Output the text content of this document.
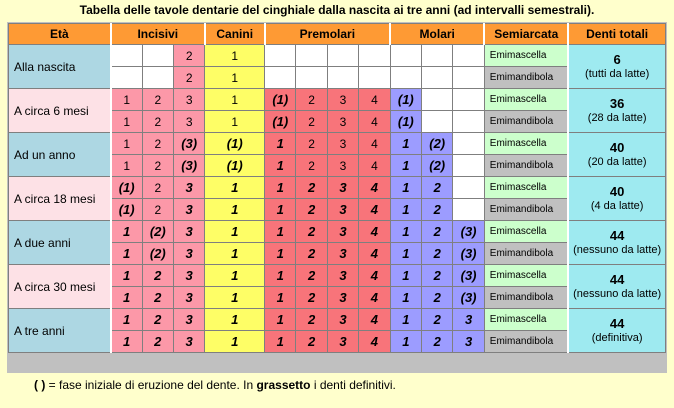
Tabella delle tavole dentarie del cinghiale dalla nascita ai tre anni (ad intervalli semestrali).
Età	Incisivi			Canini	Premolari				Molari			Semiarcata	Denti totali
Alla nascita			2	1								Emimascella	6
(tutti da latte)

			2	1								Emimandibola	
A circa 6 mesi	1	2	3	1	(1)	2	3	4	(1)			Emimascella	36
(28 da latte)

	1	2	3	1	(1)	2	3	4	(1)			Emimandibola	
Ad un anno	1	2	(3)	(1)	1	2	3	4	1	(2)		Emimascella	40
(20 da latte)

	1	2	(3)	(1)	1	2	3	4	1	(2)		Emimandibola	
A circa 18 mesi	(1)	2	3	1	1	2	3	4	1	2		Emimascella	40
(4 da latte)

	(1)	2	3	1	1	2	3	4	1	2		Emimandibola	
A due anni	1	(2)	3	1	1	2	3	4	1	2	(3)	Emimascella	44
(nessuno da latte)

	1	(2)	3	1	1	2	3	4	1	2	(3)	Emimandibola	
A circa 30 mesi	1	2	3	1	1	2	3	4	1	2	(3)	Emimascella	44
(nessuno da latte)

	1	2	3	1	1	2	3	4	1	2	(3)	Emimandibola	
A tre anni	1	2	3	1	1	2	3	4	1	2	3	Emimascella	44
(definitiva)

	1	2	3	1	1	2	3	4	1	2	3	Emimandibola	
( ) = fase iniziale di eruzione del dente. In grassetto i denti definitivi.
